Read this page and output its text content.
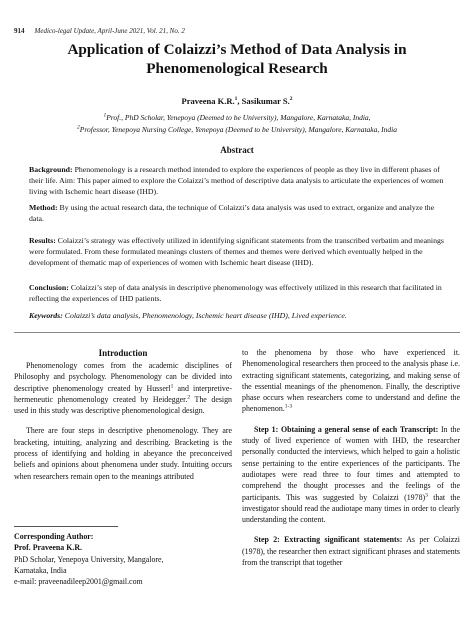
914 Medico-legal Update, April-June 2021, Vol. 21, No. 2
Application of Colaizzi’s Method of Data Analysis in Phenomenological Research
Praveena K.R.$^1$, Sasikumar S.$^2$
$^1$Prof., PhD Scholar, Yenepoya (Deemed to be University), Mangalore, Karnataka, India,
$^2$Professor, Yenepoya Nursing College, Yenepoya (Deemed to be University), Mangalore, Karnataka, India
Abstract

Background: Phenomenology is a research method intended to explore the experiences of people as they live in different phases of their life. Aim: This paper aimed to explore the Colaizzi’s method of descriptive data analysis to articulate the experiences of women living with Ischemic heart disease (IHD).

Method: By using the actual research data, the technique of Colaizzi’s data analysis was used to extract, organize and analyze the data.

Results: Colaizzi’s strategy was effectively utilized in identifying significant statements from the transcribed verbatim and meanings were formulated. From these formulated meanings clusters of themes and themes were derived which eventually helped in the development of thematic map of experiences of women with Ischemic heart disease (IHD).

Conclusion: Colaizzi’s step of data analysis in descriptive phenomenology was effectively utilized in this research that facilitated in reflecting the experiences of IHD patients.

Keywords: Colaizzi’s data analysis, Phenomenology, Ischemic heart disease (IHD), Lived experience.
Introduction

Phenomenology comes from the academic disciplines of Philosophy and psychology. Phenomenology can be divided into descriptive phenomenology created by Husserl$^1$ and interpretive- hermeneutic phenomenology created by Heidegger.$^2$ The design used in this study was descriptive phenomenological design.

There are four steps in descriptive phenomenology. They are bracketing, intuiting, analyzing and describing. Bracketing is the process of identifying and holding in abeyance the preconceived beliefs and opinions about phenomena under study. Intuiting occurs when researchers remain open to the meanings attributed

Corresponding Author:
Prof. Praveena K.R.
PhD Scholar, Yenepoya University, Mangalore,
Karnataka, India
e-mail: praveenadileep2001@gmail.com

to the phenomena by those who have experienced it. Phenomenological researchers then proceed to the analysis phase i.e. extracting significant statements, categorizing, and making sense of the essential meanings of the phenomenon. Finally, the descriptive phase occurs when researchers come to understand and define the phenomenon.$^{1-3}$

Step 1: Obtaining a general sense of each Transcript: In the study of lived experience of women with IHD, the researcher personally conducted the interviews, which helped to gain a holistic sense pertaining to the entire experiences of the participants. The audiotapes were read three to four times and attempted to comprehend the thought processes and the feelings of the participants. This was suggested by Colaizzi $(1978)^3$ that the investigator should read the audiotape many times in order to clearly understanding the content.

Step 2: Extracting significant statements: As per Colaizzi (1978), the researcher then extract significant phrases and statements from the transcript that together
